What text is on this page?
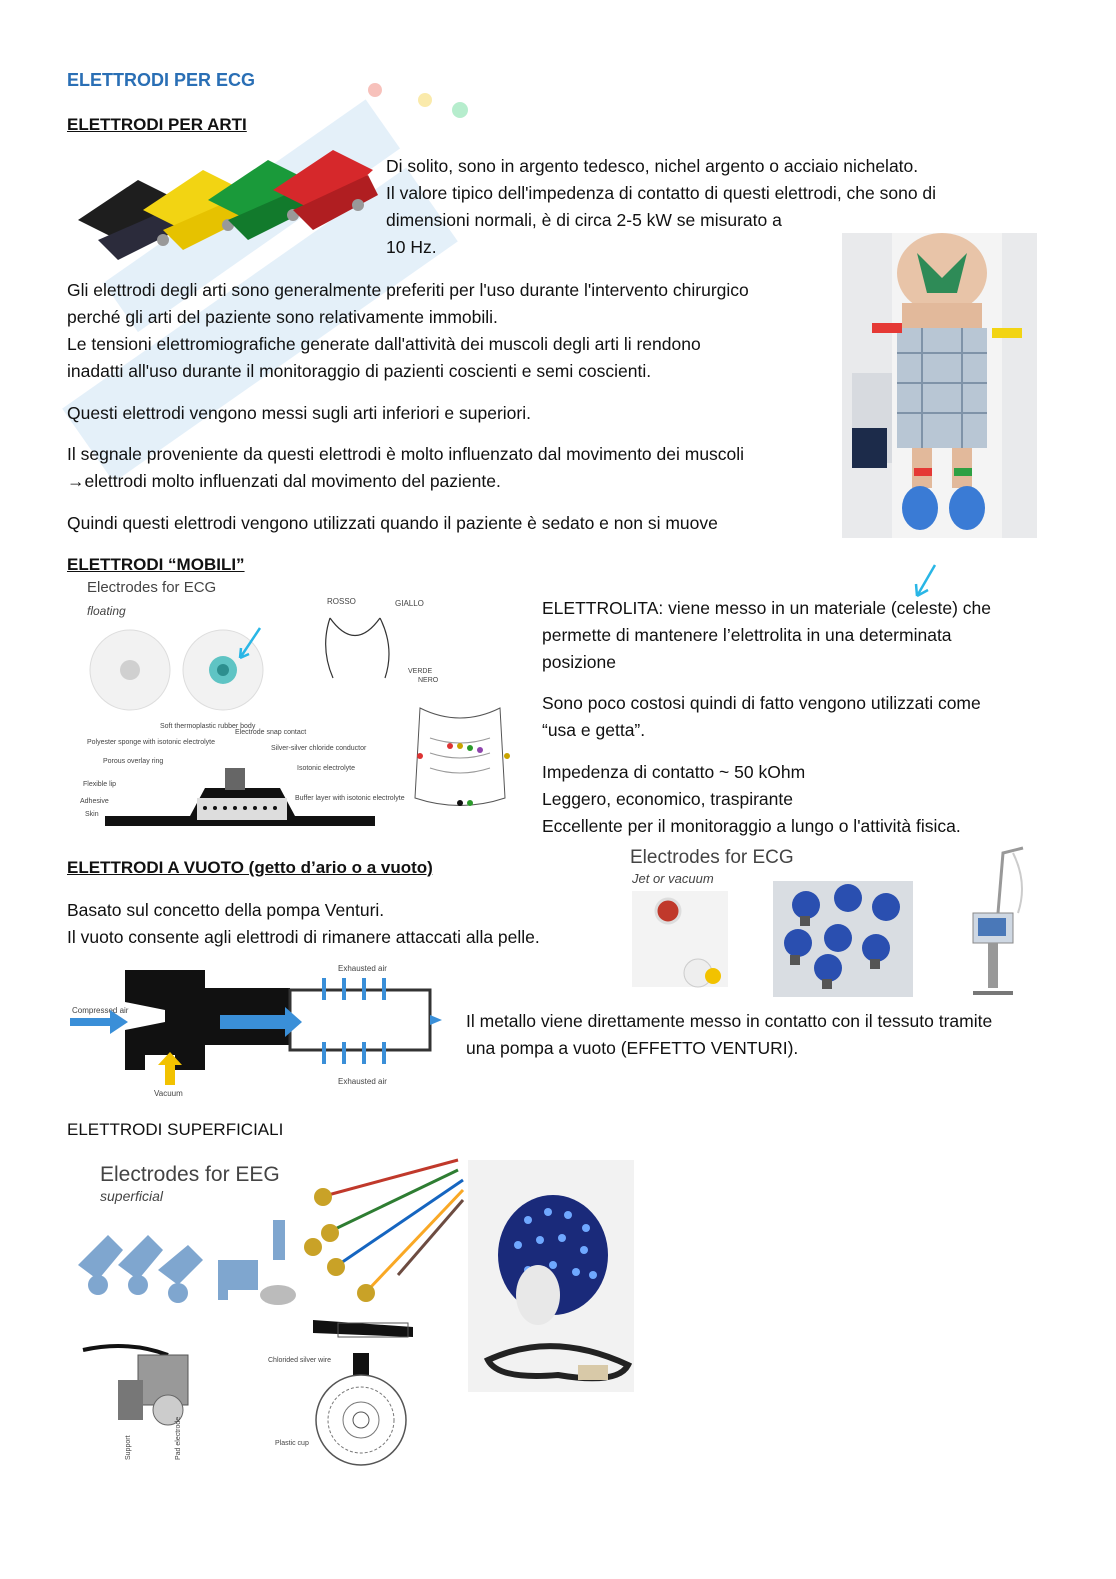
ELETTRODI PER ECG
ELETTRODI PER ARTI
Di solito, sono in argento tedesco, nichel argento o acciaio nichelato.
Il valore tipico dell'impedenza di contatto di questi elettrodi, che sono di
dimensioni normali, è di circa 2-5 kW se misurato a
10 Hz.
Gli elettrodi degli arti sono generalmente preferiti per l'uso durante l'intervento chirurgico
perché gli arti del paziente sono relativamente immobili.
Le tensioni elettromiografiche generate dall'attività dei muscoli degli arti li rendono
inadatti all'uso durante il monitoraggio di pazienti coscienti e semi coscienti.
Questi elettrodi vengono messi sugli arti inferiori e superiori.
Il segnale proveniente da questi elettrodi è molto influenzato dal movimento dei muscoli
→elettrodi molto influenzati dal movimento del paziente.
Quindi questi elettrodi vengono utilizzati quando il paziente è sedato e non si muove
ELETTRODI “MOBILI”
Electrodes for ECG
floating
ROSSO	GIALLO
VERDE
NERO
Soft thermoplastic rubber body
Electrode snap contact
Polyester sponge with isotonic electrolyte
Silver-silver chloride conductor
Porous overlay ring
Isotonic electrolyte
Flexible lip
Adhesive
Skin
Buffer layer with isotonic electrolyte
ELETTROLITA: viene messo in un materiale (celeste) che
permette di mantenere l’elettrolita in una determinata
posizione
Sono poco costosi quindi di fatto vengono utilizzati come
“usa e getta”.
Impedenza di contatto ~ 50 kOhm
Leggero, economico, traspirante
Eccellente per il monitoraggio a lungo o l'attività fisica.
ELETTRODI A VUOTO (getto d’ario o a vuoto)
Basato sul concetto della pompa Venturi.
Il vuoto consente agli elettrodi di rimanere attaccati alla pelle.
Electrodes for ECG
Jet or vacuum
Exhausted air
Compressed air
Exhausted air
Vacuum
Il metallo viene direttamente messo in contatto con il tessuto tramite
una pompa a vuoto (EFFETTO VENTURI).
ELETTRODI SUPERFICIALI
Electrodes for EEG
superficial
Chlorided silver wire
Plastic cup
Support	Pad electrode
